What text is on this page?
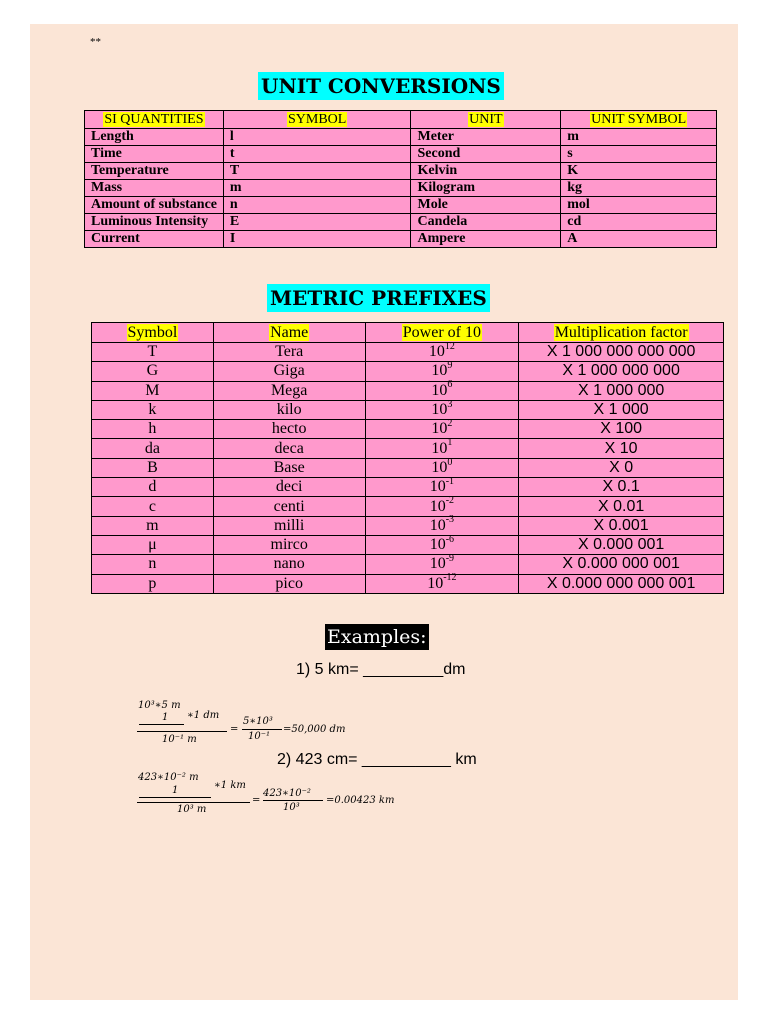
**
UNIT CONVERSIONS
SI QUANTITIES	SYMBOL	UNIT	UNIT SYMBOL
Length	l	Meter	m
Time	t	Second	s
Temperature	T	Kelvin	K
Mass	m	Kilogram	kg
Amount of substance	n	Mole	mol
Luminous Intensity	E	Candela	cd
Current	I	Ampere	A
METRIC PREFIXES
Symbol	Name	Power of 10	Multiplication factor
T	Tera	$10^{12}$	X 1 000 000 000 000
G	Giga	$10^9$	X 1 000 000 000
M	Mega	$10^6$	X 1 000 000
k	kilo	$10^3$	X 1 000
h	hecto	$10^2$	X 100
da	deca	$10^1$	X 10
B	Base	$10^0$	X 0
d	deci	$10^{-1}$	X 0.1
c	centi	$10^{-2}$	X 0.01
m	milli	$10^{-3}$	X 0.001
μ	mirco	$10^{-6}$	X 0.000 001
n	nano	$10^{-9}$	X 0.000 000 001
p	pico	$10^{-12}$	X 0.000 000 000 001
Examples:
1) 5 km= _________dm
10³∗5 m
1 ∗1 dm
10⁻¹ m
=
5∗10³
10⁻¹
=50,000 dm
2) 423 cm= __________ km
423∗10⁻² m
1	∗1 km
10³ m
=
423∗10⁻²
10³
=0.00423 km
